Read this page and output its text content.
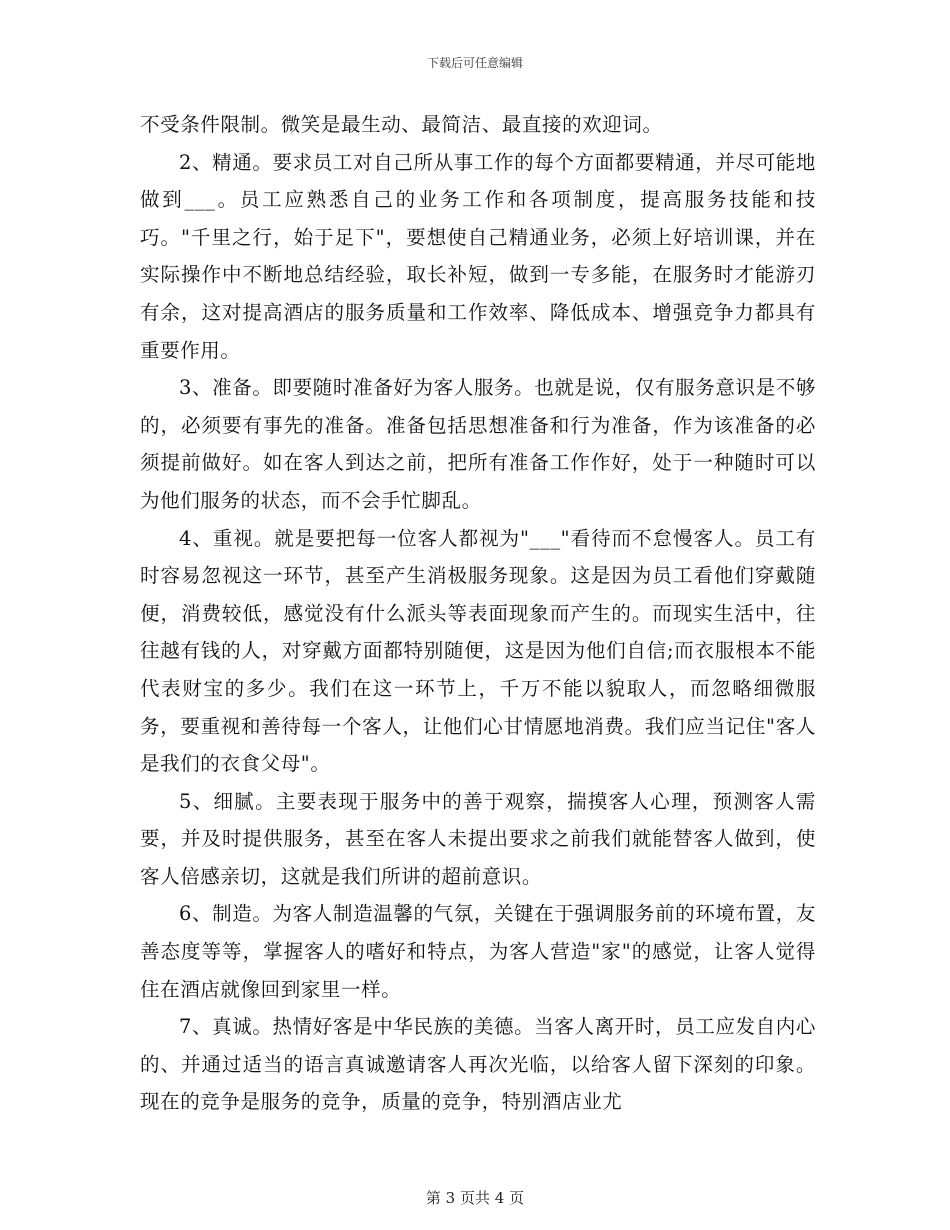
下载后可任意编辑

不受条件限制。微笑是最生动、最简洁、最直接的欢迎词。

2、精通。要求员工对自己所从事工作的每个方面都要精通，并尽可能地做到___。员工应熟悉自己的业务工作和各项制度，提高服务技能和技巧。"千里之行，始于足下"，要想使自己精通业务，必须上好培训课，并在实际操作中不断地总结经验，取长补短，做到一专多能，在服务时才能游刃有余，这对提高酒店的服务质量和工作效率、降低成本、增强竞争力都具有重要作用。

3、准备。即要随时准备好为客人服务。也就是说，仅有服务意识是不够的，必须要有事先的准备。准备包括思想准备和行为准备，作为该准备的必须提前做好。如在客人到达之前，把所有准备工作作好，处于一种随时可以为他们服务的状态，而不会手忙脚乱。

4、重视。就是要把每一位客人都视为"___"看待而不怠慢客人。员工有时容易忽视这一环节，甚至产生消极服务现象。这是因为员工看他们穿戴随便，消费较低，感觉没有什么派头等表面现象而产生的。而现实生活中，往往越有钱的人，对穿戴方面都特别随便，这是因为他们自信;而衣服根本不能代表财宝的多少。我们在这一环节上，千万不能以貌取人，而忽略细微服务，要重视和善待每一个客人，让他们心甘情愿地消费。我们应当记住"客人是我们的衣食父母"。

5、细腻。主要表现于服务中的善于观察，揣摸客人心理，预测客人需要，并及时提供服务，甚至在客人未提出要求之前我们就能替客人做到，使客人倍感亲切，这就是我们所讲的超前意识。

6、制造。为客人制造温馨的气氛，关键在于强调服务前的环境布置，友善态度等等，掌握客人的嗜好和特点，为客人营造"家"的感觉，让客人觉得住在酒店就像回到家里一样。

7、真诚。热情好客是中华民族的美德。当客人离开时，员工应发自内心的、并通过适当的语言真诚邀请客人再次光临，以给客人留下深刻的印象。现在的竞争是服务的竞争，质量的竞争，特别酒店业尤

第 3 页共 4 页
